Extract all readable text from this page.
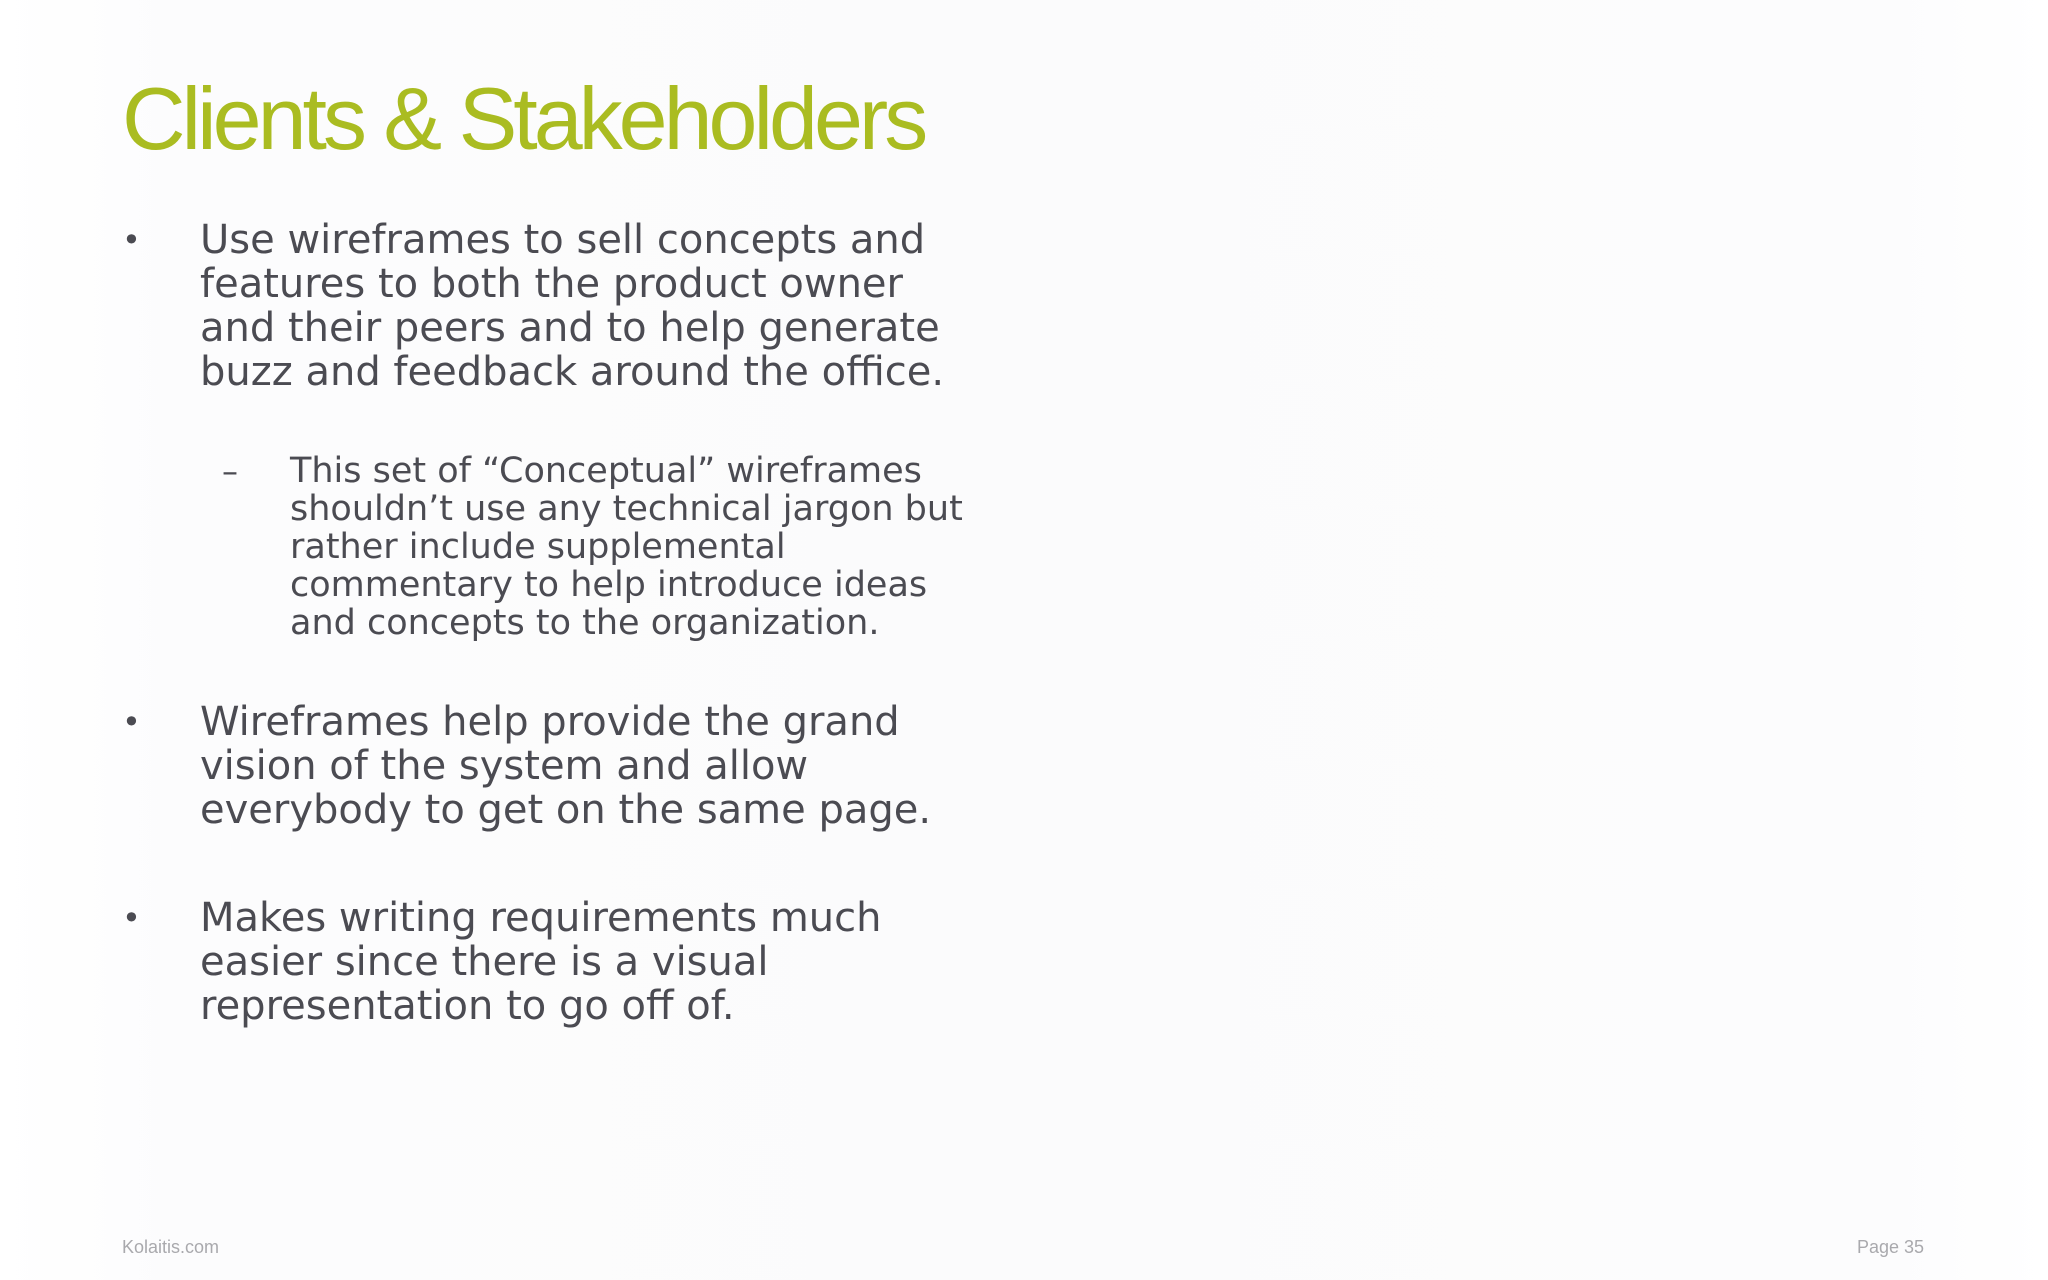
Clients & Stakeholders
• Use wireframes to sell concepts and
features to both the product owner
and their peers and to help generate
buzz and feedback around the office.
– This set of “Conceptual” wireframes
shouldn’t use any technical jargon but
rather include supplemental
commentary to help introduce ideas
and concepts to the organization.
• Wireframes help provide the grand
vision of the system and allow
everybody to get on the same page.
• Makes writing requirements much
easier since there is a visual
representation to go off of.
Kolaitis.com	Page 35
